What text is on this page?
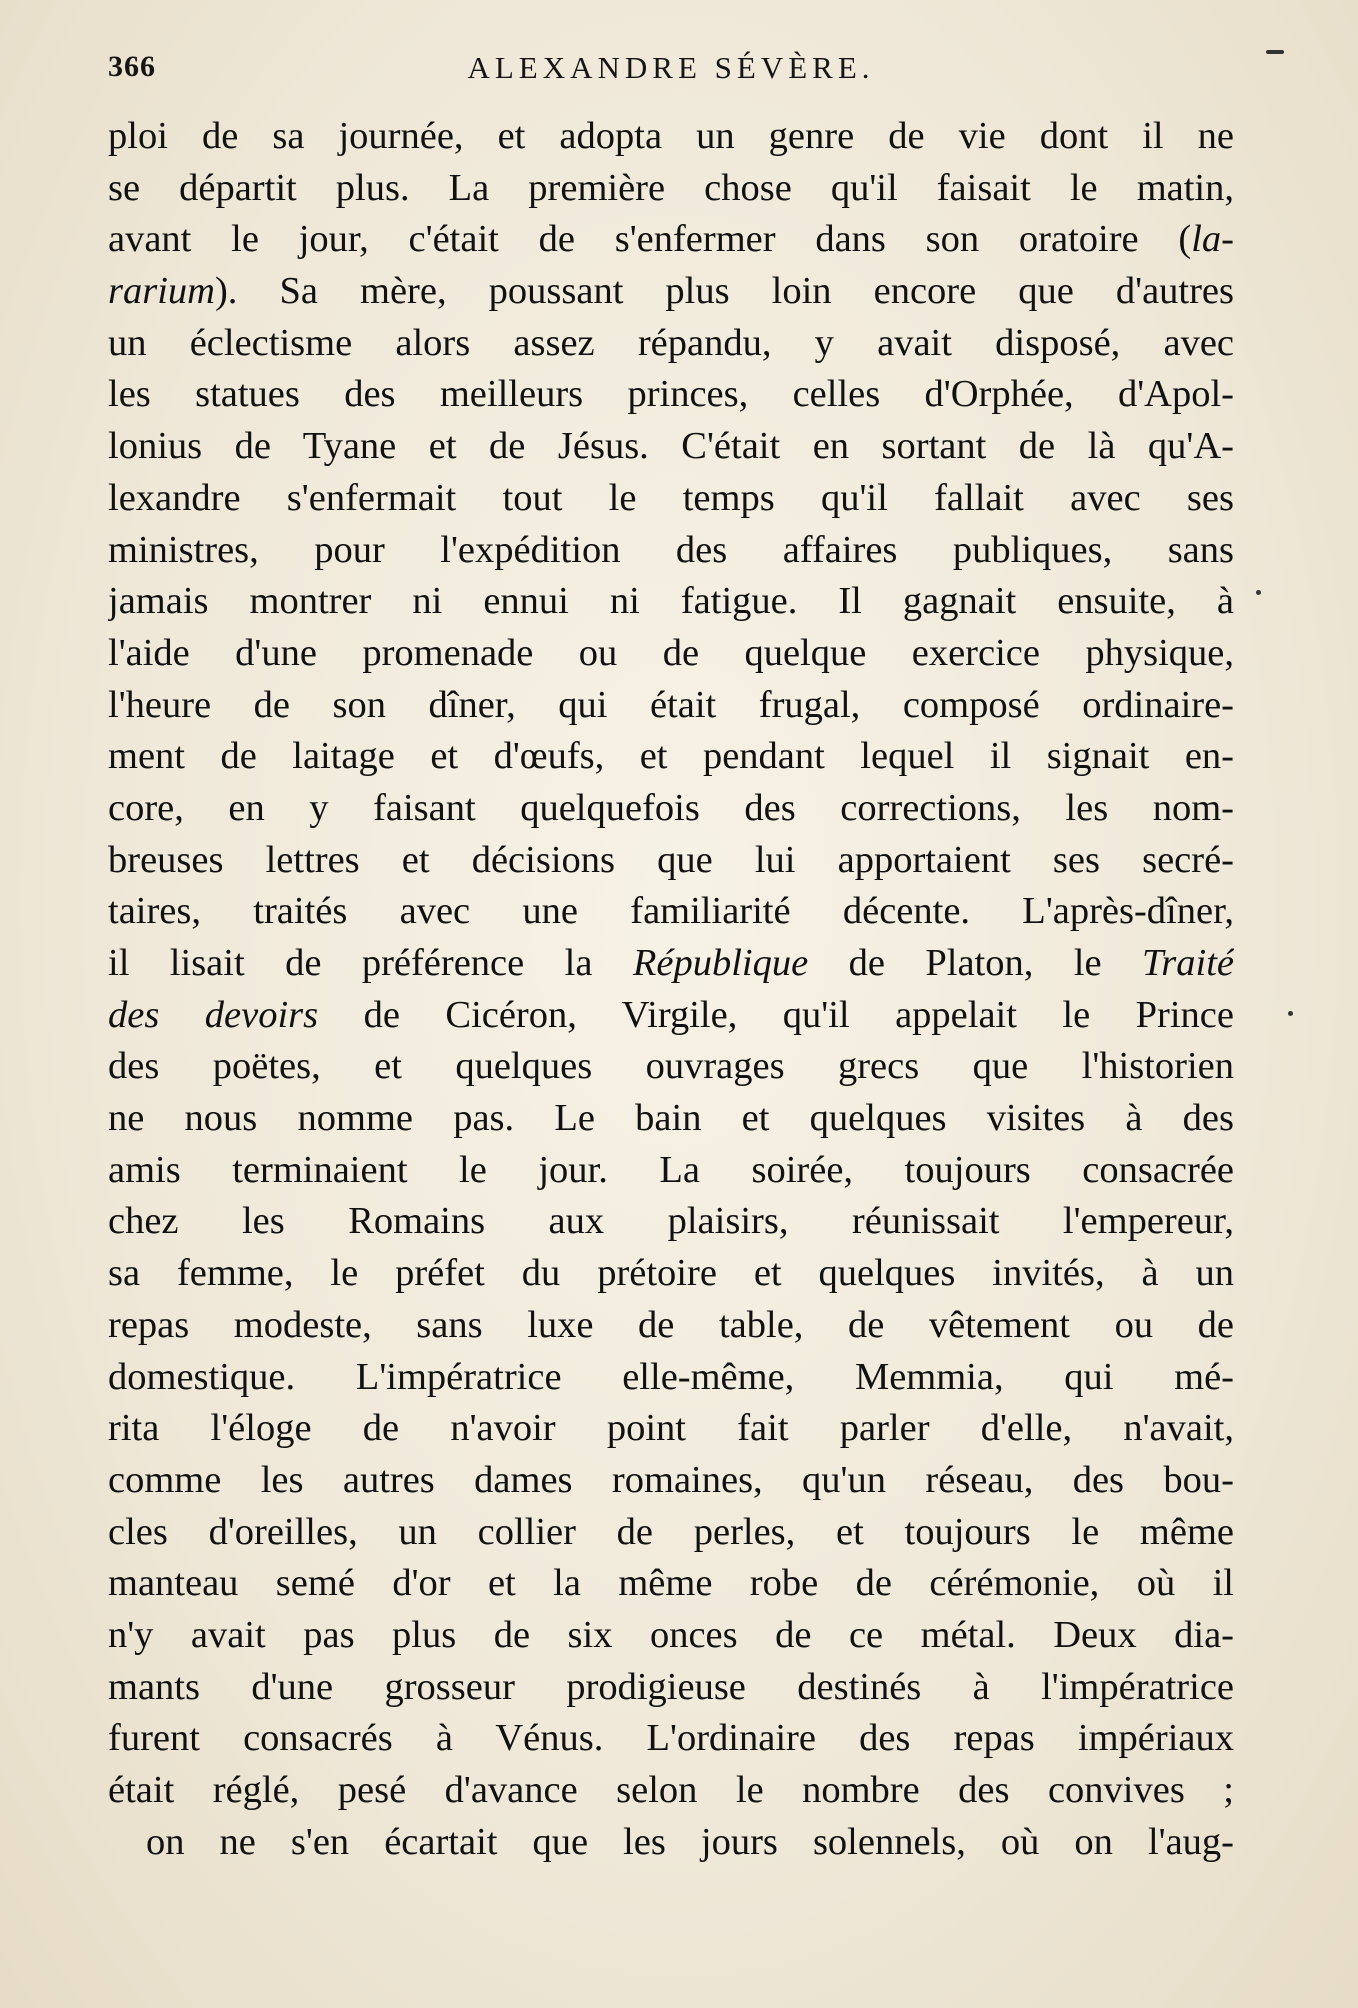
366	ALEXANDRE SÉVÈRE.
ploi de sa journée, et adopta un genre de vie dont il ne
se départit plus. La première chose qu'il faisait le matin,
avant le jour, c'était de s'enfermer dans son oratoire (la-
rarium). Sa mère, poussant plus loin encore que d'autres
un éclectisme alors assez répandu, y avait disposé, avec
les statues des meilleurs princes, celles d'Orphée, d'Apol-
lonius de Tyane et de Jésus. C'était en sortant de là qu'A-
lexandre s'enfermait tout le temps qu'il fallait avec ses
ministres, pour l'expédition des affaires publiques, sans
jamais montrer ni ennui ni fatigue. Il gagnait ensuite, à
l'aide d'une promenade ou de quelque exercice physique,
l'heure de son dîner, qui était frugal, composé ordinaire-
ment de laitage et d'œufs, et pendant lequel il signait en-
core, en y faisant quelquefois des corrections, les nom-
breuses lettres et décisions que lui apportaient ses secré-
taires, traités avec une familiarité décente. L'après-dîner,
il lisait de préférence la République de Platon, le Traité
des devoirs de Cicéron, Virgile, qu'il appelait le Prince
des poëtes, et quelques ouvrages grecs que l'historien
ne nous nomme pas. Le bain et quelques visites à des
amis terminaient le jour. La soirée, toujours consacrée
chez les Romains aux plaisirs, réunissait l'empereur,
sa femme, le préfet du prétoire et quelques invités, à un
repas modeste, sans luxe de table, de vêtement ou de
domestique. L'impératrice elle-même, Memmia, qui mé-
rita l'éloge de n'avoir point fait parler d'elle, n'avait,
comme les autres dames romaines, qu'un réseau, des bou-
cles d'oreilles, un collier de perles, et toujours le même
manteau semé d'or et la même robe de cérémonie, où il
n'y avait pas plus de six onces de ce métal. Deux dia-
mants d'une grosseur prodigieuse destinés à l'impératrice
furent consacrés à Vénus. L'ordinaire des repas impériaux
était réglé, pesé d'avance selon le nombre des convives ;
on ne s'en écartait que les jours solennels, où on l'aug-
